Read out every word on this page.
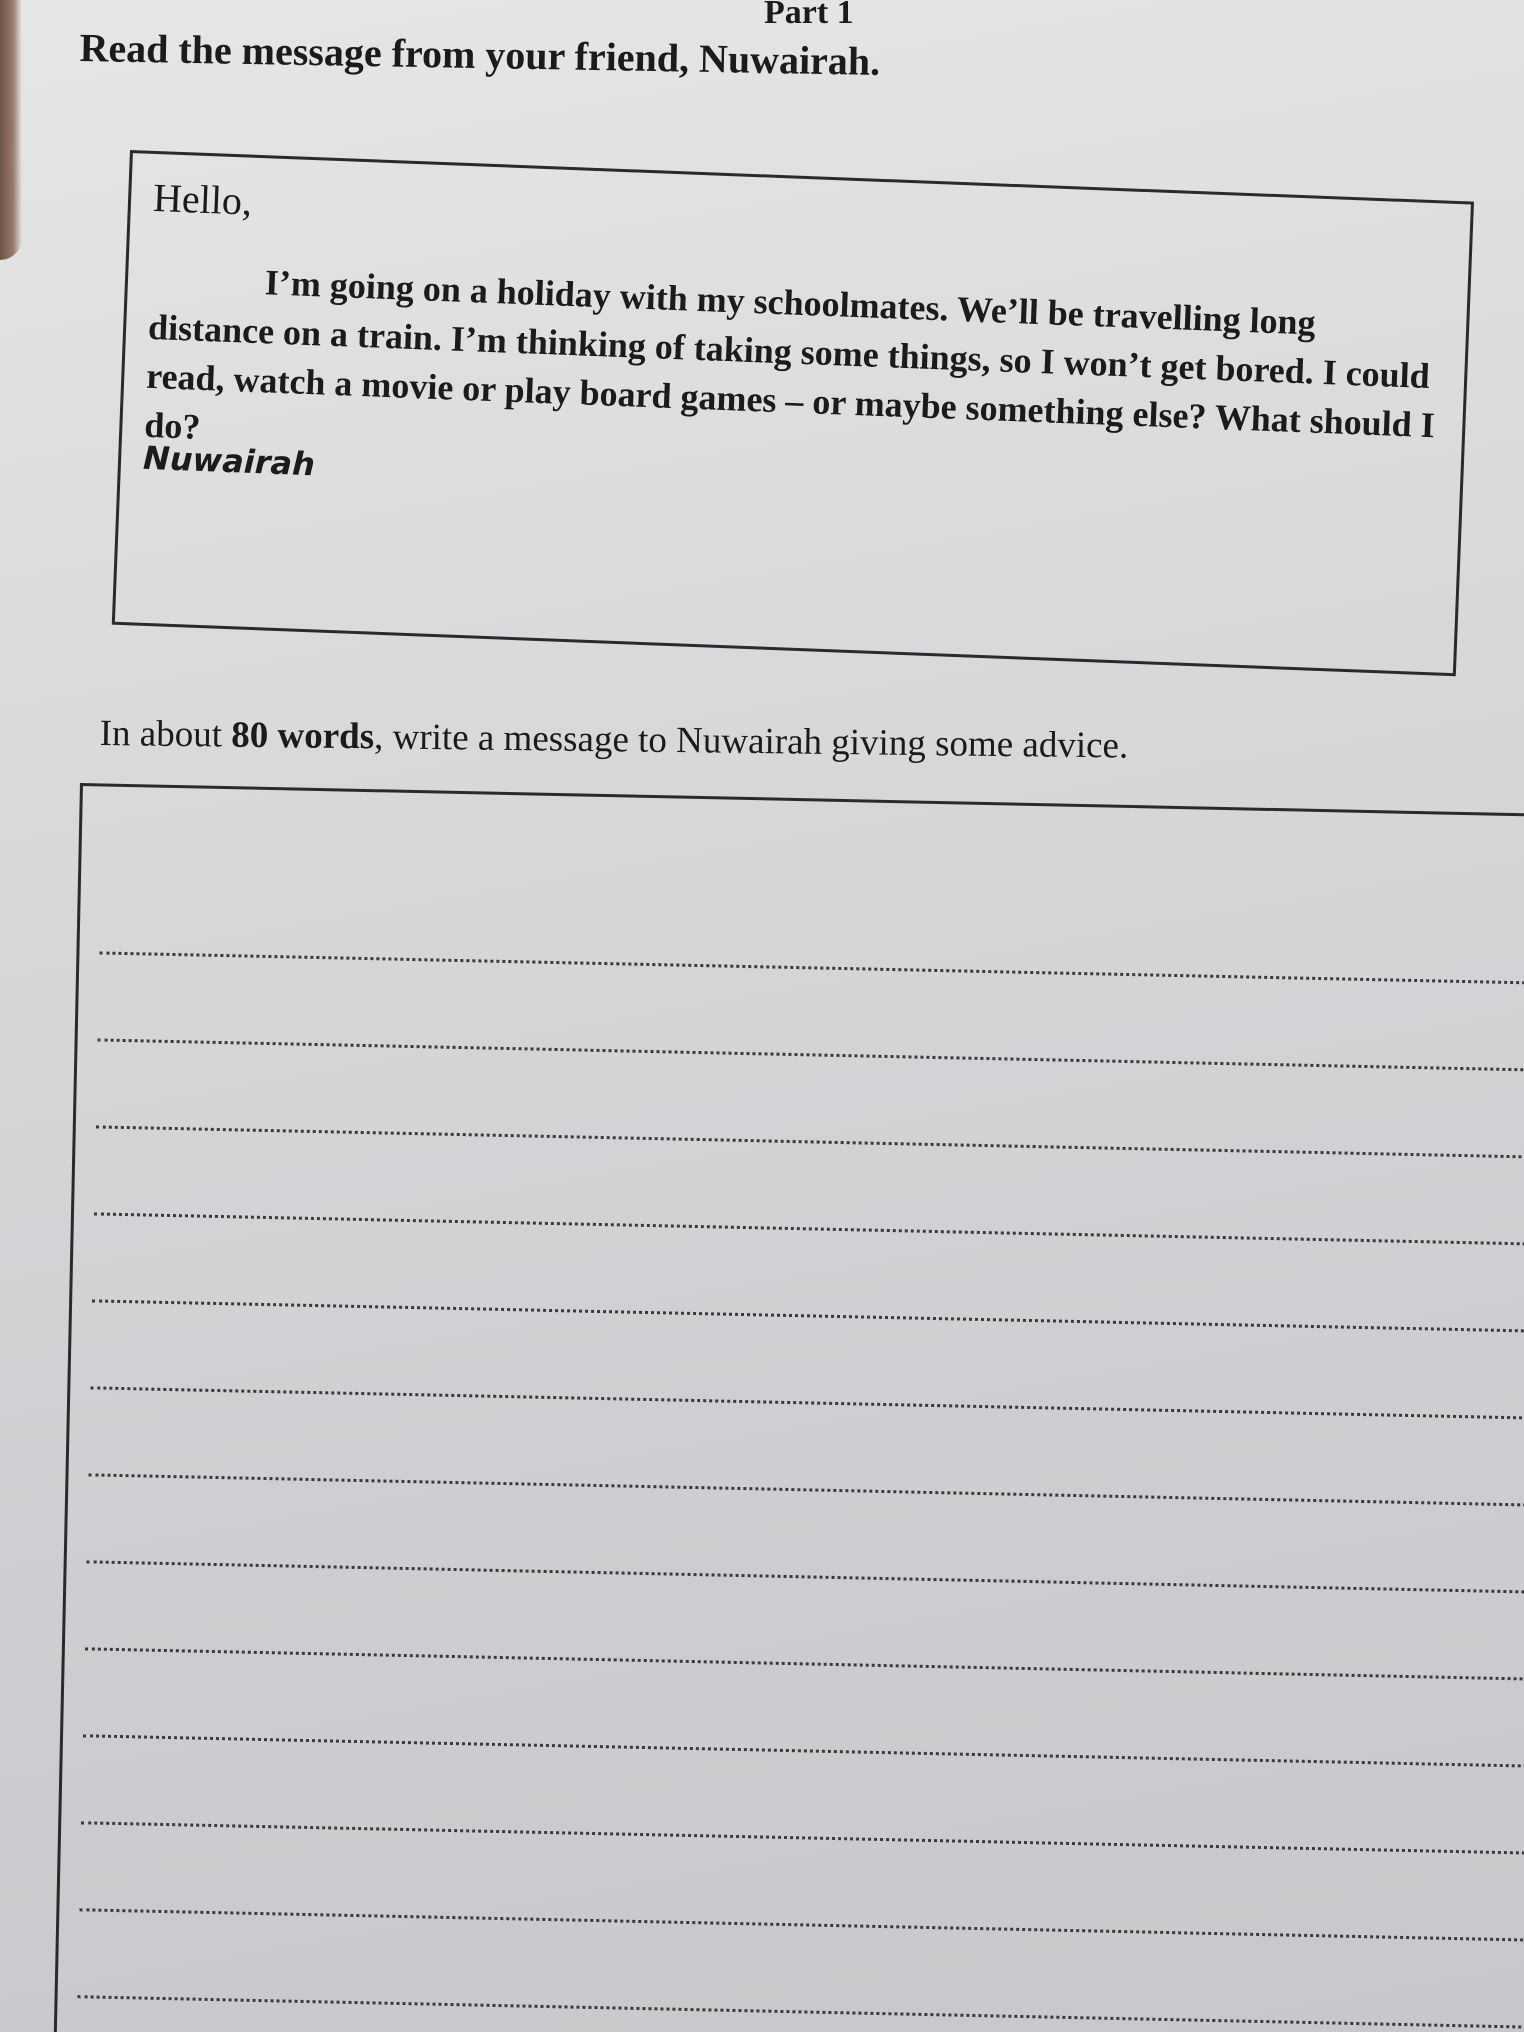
Part 1

Read the message from your friend, Nuwairah.

Hello,

I’m going on a holiday with my schoolmates. We’ll be travelling long distance on a train. I’m thinking of taking some things, so I won’t get bored. I could read, watch a movie or play board games – or maybe something else? What should I do?

Nuwairah

In about 80 words, write a message to Nuwairah giving some advice.
